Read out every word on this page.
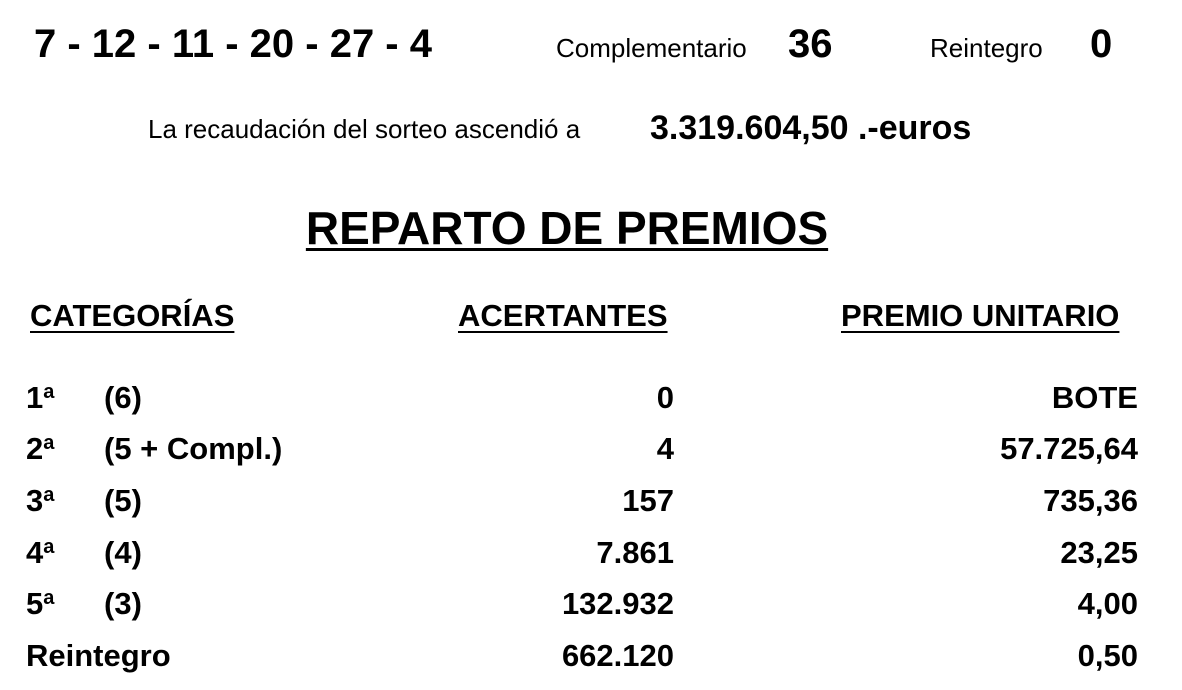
7 - 12 - 11 - 20 - 27 - 4	Complementario 36	Reintegro 0
La recaudación del sorteo ascendió a 3.319.604,50 .-euros
REPARTO DE PREMIOS
CATEGORÍAS	ACERTANTES	PREMIO UNITARIO
1$^a$ (6)	0	BOTE
2$^a$ (5 + Compl.)	4	57.725,64
3$^a$ (5)	157	735,36
4$^a$ (4)	7.861	23,25
5$^a$ (3)	132.932	4,00
Reintegro	662.120	0,50
